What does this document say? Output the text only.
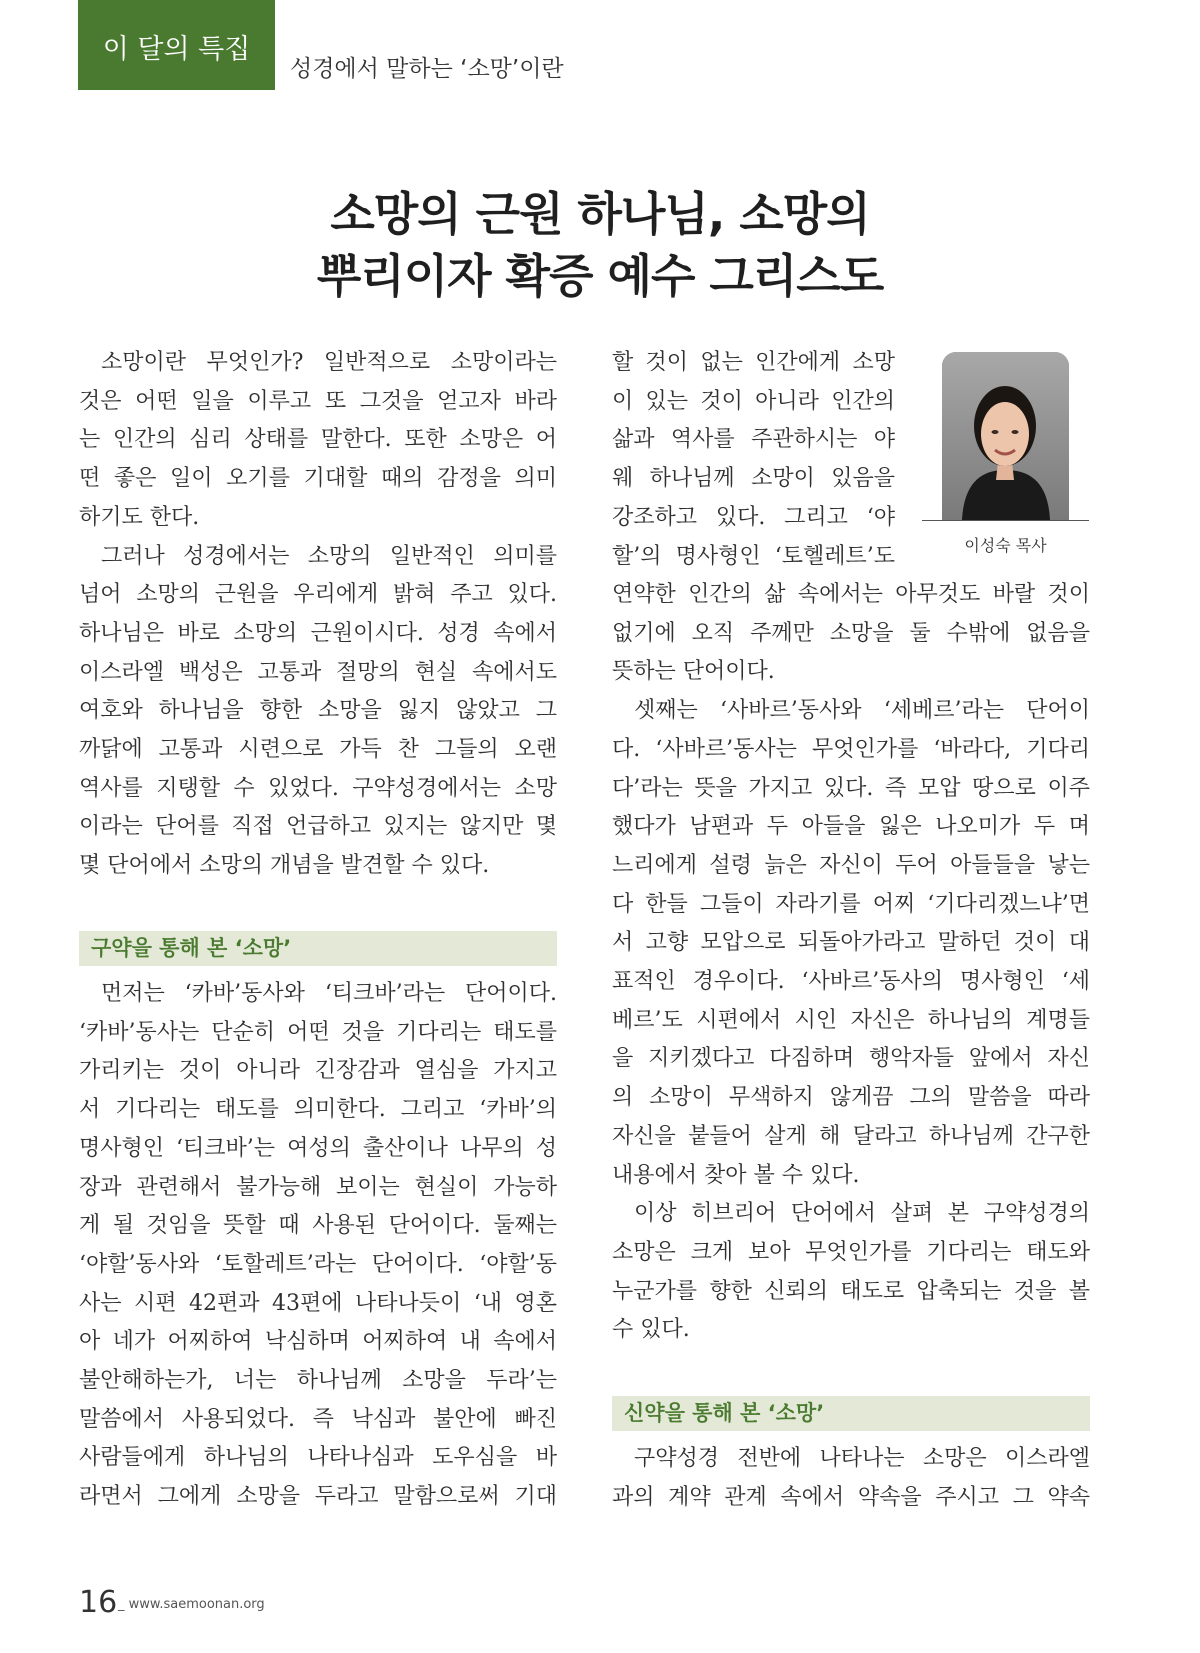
이 달의 특집
성경에서 말하는 ‘소망’이란
소망의 근원 하나님, 소망의
뿌리이자 확증 예수 그리스도
소망이란 무엇인가? 일반적으로 소망이라는
것은 어떤 일을 이루고 또 그것을 얻고자 바라
는 인간의 심리 상태를 말한다. 또한 소망은 어
떤 좋은 일이 오기를 기대할 때의 감정을 의미
하기도 한다.
그러나 성경에서는 소망의 일반적인 의미를
넘어 소망의 근원을 우리에게 밝혀 주고 있다.
하나님은 바로 소망의 근원이시다. 성경 속에서
이스라엘 백성은 고통과 절망의 현실 속에서도
여호와 하나님을 향한 소망을 잃지 않았고 그
까닭에 고통과 시련으로 가득 찬 그들의 오랜
역사를 지탱할 수 있었다. 구약성경에서는 소망
이라는 단어를 직접 언급하고 있지는 않지만 몇
몇 단어에서 소망의 개념을 발견할 수 있다.
구약을 통해 본 ‘소망’
먼저는 ‘카바’동사와 ‘티크바’라는 단어이다.
‘카바’동사는 단순히 어떤 것을 기다리는 태도를
가리키는 것이 아니라 긴장감과 열심을 가지고
서 기다리는 태도를 의미한다. 그리고 ‘카바’의
명사형인 ‘티크바’는 여성의 출산이나 나무의 성
장과 관련해서 불가능해 보이는 현실이 가능하
게 될 것임을 뜻할 때 사용된 단어이다. 둘째는
‘야할’동사와 ‘토할레트’라는 단어이다. ‘야할’동
사는 시편 42편과 43편에 나타나듯이 ‘내 영혼
아 네가 어찌하여 낙심하며 어찌하여 내 속에서
불안해하는가, 너는 하나님께 소망을 두라’는
말씀에서 사용되었다. 즉 낙심과 불안에 빠진
사람들에게 하나님의 나타나심과 도우심을 바
라면서 그에게 소망을 두라고 말함으로써 기대
할 것이 없는 인간에게 소망
이 있는 것이 아니라 인간의
삶과 역사를 주관하시는 야
웨 하나님께 소망이 있음을
강조하고 있다. 그리고 ‘야
할’의 명사형인 ‘토헬레트’도	이성숙 목사
연약한 인간의 삶 속에서는 아무것도 바랄 것이
없기에 오직 주께만 소망을 둘 수밖에 없음을
뜻하는 단어이다.
셋째는 ‘사바르’동사와 ‘세베르’라는 단어이
다. ‘사바르’동사는 무엇인가를 ‘바라다, 기다리
다’라는 뜻을 가지고 있다. 즉 모압 땅으로 이주
했다가 남편과 두 아들을 잃은 나오미가 두 며
느리에게 설령 늙은 자신이 두어 아들들을 낳는
다 한들 그들이 자라기를 어찌 ‘기다리겠느냐’면
서 고향 모압으로 되돌아가라고 말하던 것이 대
표적인 경우이다. ‘사바르’동사의 명사형인 ‘세
베르’도 시편에서 시인 자신은 하나님의 계명들
을 지키겠다고 다짐하며 행악자들 앞에서 자신
의 소망이 무색하지 않게끔 그의 말씀을 따라
자신을 붙들어 살게 해 달라고 하나님께 간구한
내용에서 찾아 볼 수 있다.
이상 히브리어 단어에서 살펴 본 구약성경의
소망은 크게 보아 무엇인가를 기다리는 태도와
누군가를 향한 신뢰의 태도로 압축되는 것을 볼
수 있다.
신약을 통해 본 ‘소망’
구약성경 전반에 나타나는 소망은 이스라엘
과의 계약 관계 속에서 약속을 주시고 그 약속
16 _ www.saemoonan.org
